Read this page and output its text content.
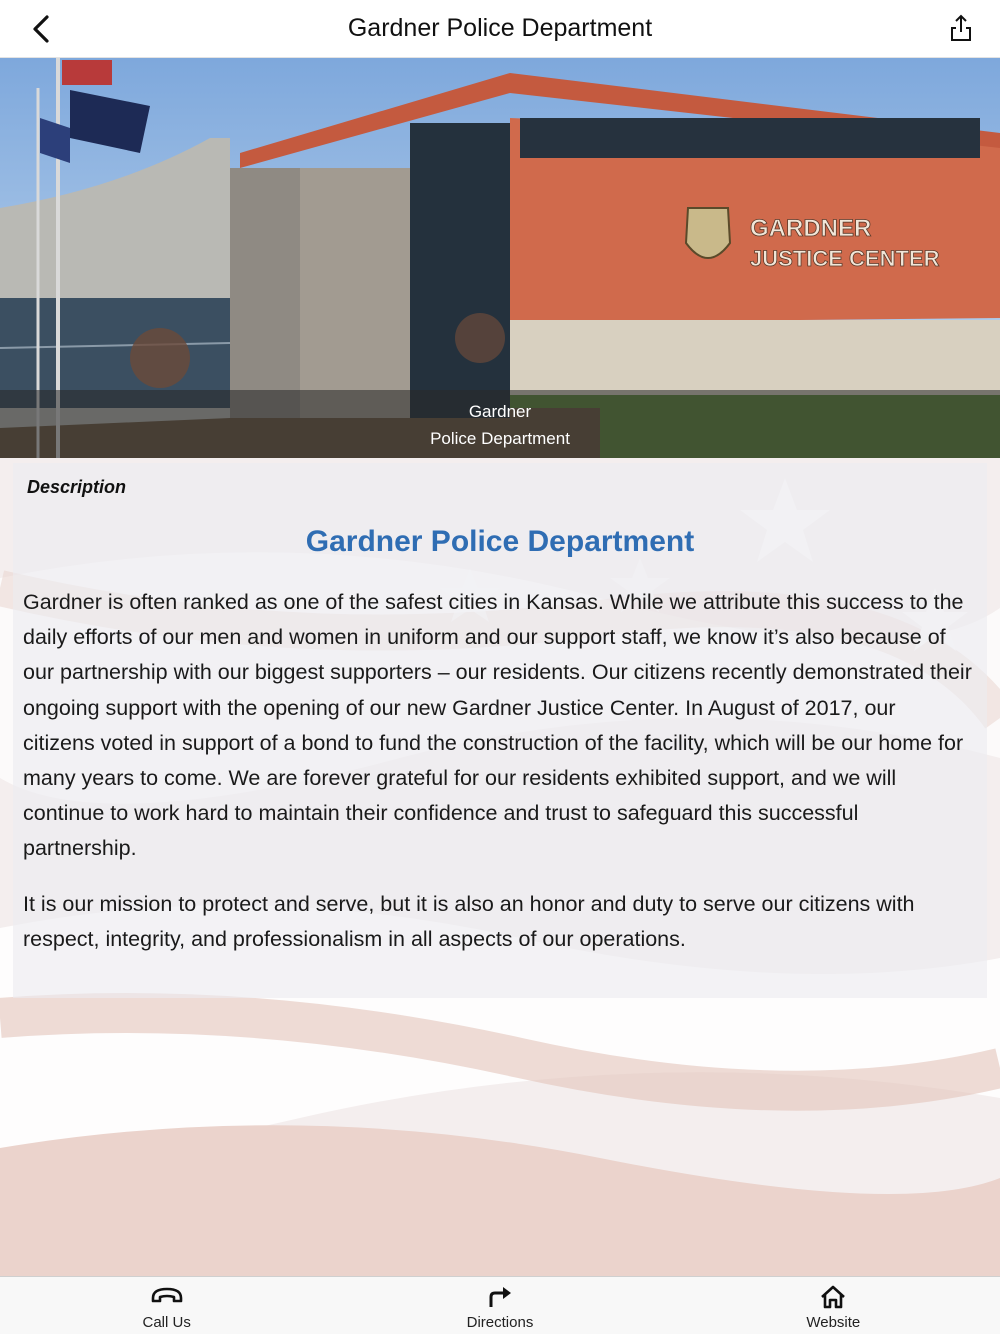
Gardner Police Department
GARDNER
JUSTICE CENTER
Gardner
Police Department
Description
Gardner Police Department

Gardner is often ranked as one of the safest cities in Kansas. While we attribute this success to the daily efforts of our men and women in uniform and our support staff, we know it’s also because of our partnership with our biggest supporters – our residents. Our citizens recently demonstrated their ongoing support with the opening of our new Gardner Justice Center. In August of 2017, our citizens voted in support of a bond to fund the construction of the facility, which will be our home for many years to come. We are forever grateful for our residents exhibited support, and we will continue to work hard to maintain their confidence and trust to safeguard this successful partnership.

It is our mission to protect and serve, but it is also an honor and duty to serve our citizens with respect, integrity, and professionalism in all aspects of our operations.

Call Us	Directions	Website
